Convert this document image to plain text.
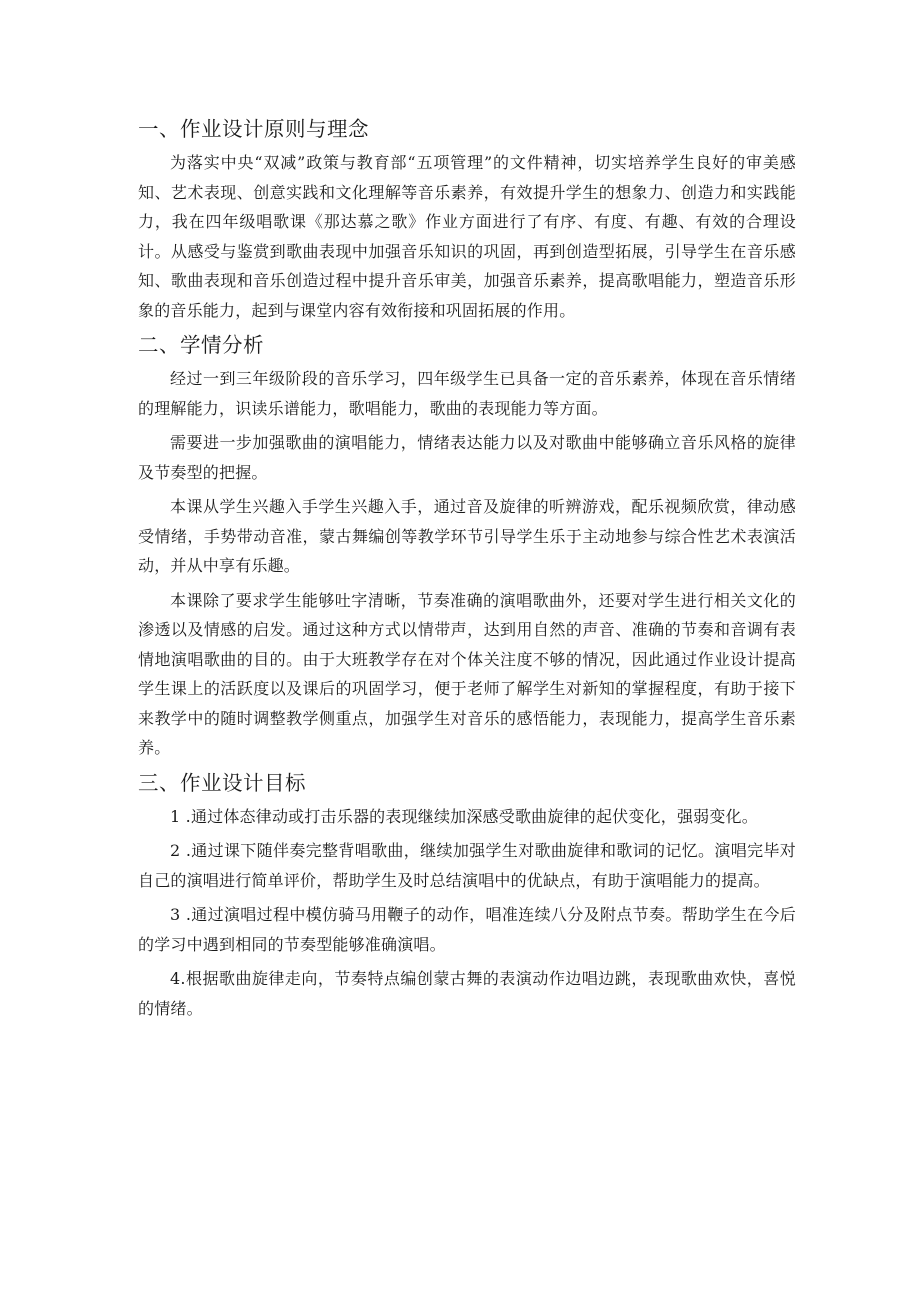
一、作业设计原则与理念

为落实中央“双减”政策与教育部“五项管理”的文件精神，切实培养学生良好的审美感知、艺术表现、创意实践和文化理解等音乐素养，有效提升学生的想象力、创造力和实践能力，我在四年级唱歌课《那达慕之歌》作业方面进行了有序、有度、有趣、有效的合理设计。从感受与鉴赏到歌曲表现中加强音乐知识的巩固，再到创造型拓展，引导学生在音乐感知、歌曲表现和音乐创造过程中提升音乐审美，加强音乐素养，提高歌唱能力，塑造音乐形象的音乐能力，起到与课堂内容有效衔接和巩固拓展的作用。

二、学情分析

经过一到三年级阶段的音乐学习，四年级学生已具备一定的音乐素养，体现在音乐情绪的理解能力，识读乐谱能力，歌唱能力，歌曲的表现能力等方面。

需要进一步加强歌曲的演唱能力，情绪表达能力以及对歌曲中能够确立音乐风格的旋律及节奏型的把握。

本课从学生兴趣入手学生兴趣入手，通过音及旋律的听辨游戏，配乐视频欣赏，律动感受情绪，手势带动音准，蒙古舞编创等教学环节引导学生乐于主动地参与综合性艺术表演活动，并从中享有乐趣。

本课除了要求学生能够吐字清晰，节奏准确的演唱歌曲外，还要对学生进行相关文化的渗透以及情感的启发。通过这种方式以情带声，达到用自然的声音、准确的节奏和音调有表情地演唱歌曲的目的。由于大班教学存在对个体关注度不够的情况，因此通过作业设计提高学生课上的活跃度以及课后的巩固学习，便于老师了解学生对新知的掌握程度，有助于接下来教学中的随时调整教学侧重点，加强学生对音乐的感悟能力，表现能力，提高学生音乐素养。

三、作业设计目标

1 .通过体态律动或打击乐器的表现继续加深感受歌曲旋律的起伏变化，强弱变化。

2 .通过课下随伴奏完整背唱歌曲，继续加强学生对歌曲旋律和歌词的记忆。演唱完毕对自己的演唱进行简单评价，帮助学生及时总结演唱中的优缺点，有助于演唱能力的提高。

3 .通过演唱过程中模仿骑马用鞭子的动作，唱准连续八分及附点节奏。帮助学生在今后的学习中遇到相同的节奏型能够准确演唱。

4.根据歌曲旋律走向，节奏特点编创蒙古舞的表演动作边唱边跳，表现歌曲欢快，喜悦的情绪。
